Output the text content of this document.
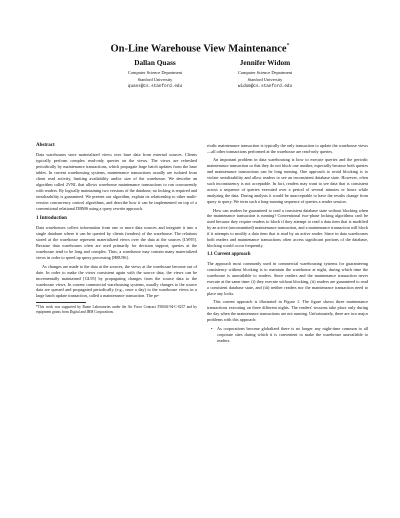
On-Line Warehouse View Maintenance*
Dallan Quass
Computer Science Department
Stanford University
quass@cs.stanford.edu
Jennifer Widom
Computer Science Department
Stanford University
widom@cs.stanford.edu
Abstract

Data warehouses store materialized views over base data from external sources. Clients typically perform complex read-only queries on the views. The views are refreshed periodically by maintenance transactions, which propagate large batch updates from the base tables. In current warehousing systems, maintenance transactions usually are isolated from client read activity, limiting availability and/or size of the warehouse. We describe an algorithm called 2VNL that allows warehouse maintenance transactions to run concurrently with readers. By logically maintaining two versions of the database, no locking is required and serializability is guaranteed. We present our algorithm, explain its relationship to other multi-version concurrency control algorithms, and describe how it can be implemented on top of a conventional relational DBMS using a query rewrite approach.

1 Introduction

Data warehouses collect information from one or more data sources and integrate it into a single database where it can be queried by clients (readers) of the warehouse. The relations stored at the warehouse represent materialized views over the data at the sources [LW95]. Because data warehouses often are used primarily for decision support, queries at the warehouse tend to be long and complex. Thus, a warehouse may contain many materialized views in order to speed up query processing [HRU96].

As changes are made to the data at the sources, the views at the warehouse become out of date. In order to make the views consistent again with the source data, the views can be incrementally maintained [GL95] by propagating changes from the source data to the warehouse views. In current commercial warehousing systems, usually changes to the source data are queued and propagated periodically (e.g., once a day) to the warehouse views in a large batch update transaction, called a maintenance transaction. The pe-

*This work was supported by Rome Laboratories under the Air Force Contract F30602-94-C-0237 and by equipment grants from Digital and IBM Corporations.

riodic maintenance transaction is typically the only transaction to update the warehouse views—all other transactions performed at the warehouse are read-only queries.

An important problem in data warehousing is how to execute queries and the periodic maintenance transaction so that they do not block one another, especially because both queries and maintenance transactions can be long running. One approach to avoid blocking is to violate serializability and allow readers to see an inconsistent database state. However, often such inconsistency is not acceptable. In fact, readers may want to see data that is consistent across a sequence of queries executed over a period of several minutes or hours while analyzing the data. During analysis it would be unacceptable to have the results change from query to query. We term such a long-running sequence of queries a reader session.

How can readers be guaranteed to read a consistent database state without blocking when the maintenance transaction is running? Conventional two-phase locking algorithms can't be used because they require readers to block if they attempt to read a data item that is modified by an active (uncommitted) maintenance transaction, and a maintenance transaction will block if it attempts to modify a data item that is read by an active reader. Since in data warehouses both readers and maintenance transactions often access significant portions of the database, blocking would occur frequently.

1.1 Current approach

The approach most commonly used in commercial warehousing systems for guaranteeing consistency without blocking is to maintain the warehouse at night, during which time the warehouse is unavailable to readers. Since readers and the maintenance transaction never execute at the same time: (i) they execute without blocking, (ii) readers are guaranteed to read a consistent database state, and (iii) neither readers nor the maintenance transaction need to place any locks.

This current approach is illustrated in Figure 1. The figure shows three maintenance transactions executing on three different nights. The readers' sessions take place only during the day when the maintenance transactions are not running. Unfortunately, there are two major problems with this approach:

• As corporations become globalized there is no longer any night-time common to all corporate sites during which it is convenient to make the warehouse unavailable to readers.
